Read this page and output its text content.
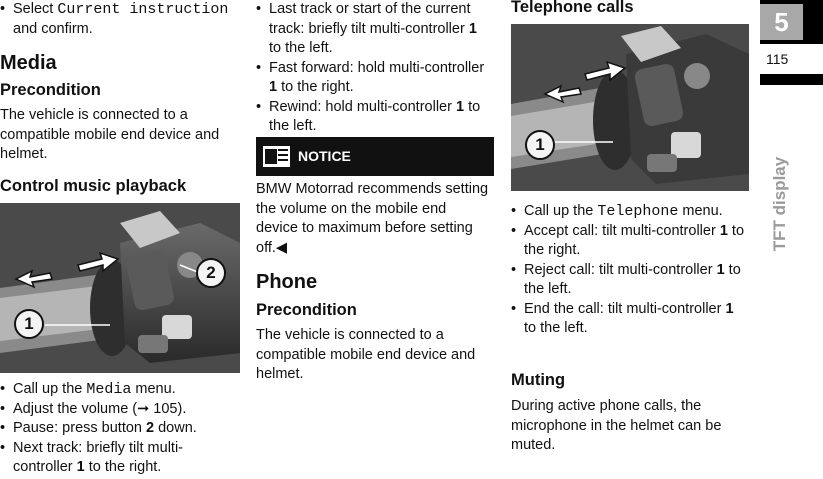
• Select Current instruction and confirm.
Media
Precondition

The vehicle is connected to a compatible mobile end device and helmet.

Control music playback
1
2
• Call up the Media menu.
• Adjust the volume (➞ 105).
• Pause: press button 2 down.
• Next track: briefly tilt multi-controller 1 to the right.
• Last track or start of the current track: briefly tilt multi-controller 1 to the left.
• Fast forward: hold multi-controller 1 to the right.
• Rewind: hold multi-controller 1 to the left.
NOTICE

BMW Motorrad recommends setting the volume on the mobile end device to maximum before setting off.◀

Phone
Precondition

The vehicle is connected to a compatible mobile end device and helmet.

Telephone calls
1
• Call up the Telephone menu.
• Accept call: tilt multi-controller 1 to the right.
• Reject call: tilt multi-controller 1 to the left.
• End the call: tilt multi-controller 1 to the left.
Muting

During active phone calls, the microphone in the helmet can be muted.

5
115
TFT display
